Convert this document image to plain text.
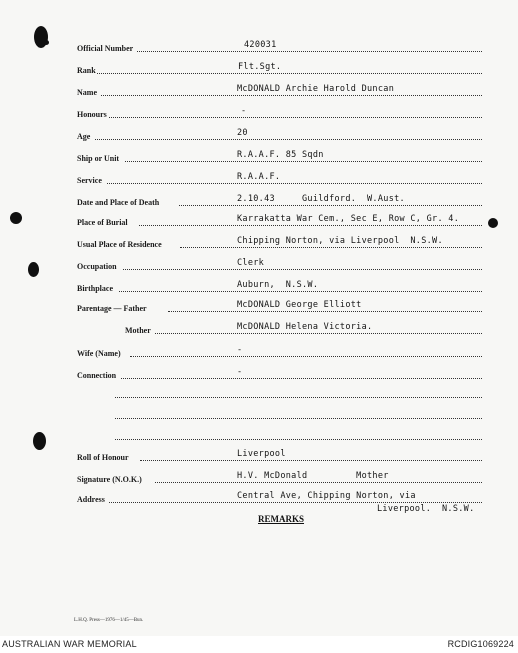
Official Number	420031
Rank	Flt.Sgt.
Name	McDONALD Archie Harold Duncan
Honours	-
Age	20
Ship or Unit	R.A.A.F. 85 Sqdn
Service	R.A.A.F.
Date and Place of Death	2.10.43     Guildford.  W.Aust.
Place of Burial	Karrakatta War Cem., Sec E, Row C, Gr. 4.
Usual Place of Residence	Chipping Norton, via Liverpool  N.S.W.
Occupation	Clerk
Birthplace	Auburn,  N.S.W.
Parentage — Father	McDONALD George Elliott
Mother	McDONALD Helena Victoria.
Wife (Name)	-
Connection	-
Roll of Honour	Liverpool
Signature (N.O.K.)	H.V. McDonald         Mother
Address	Central Ave, Chipping Norton, via
Liverpool.  N.S.W.
REMARKS
L.H.Q. Press—1976—1/45—Bun.
AUSTRALIAN WAR MEMORIAL	RCDIG1069224
